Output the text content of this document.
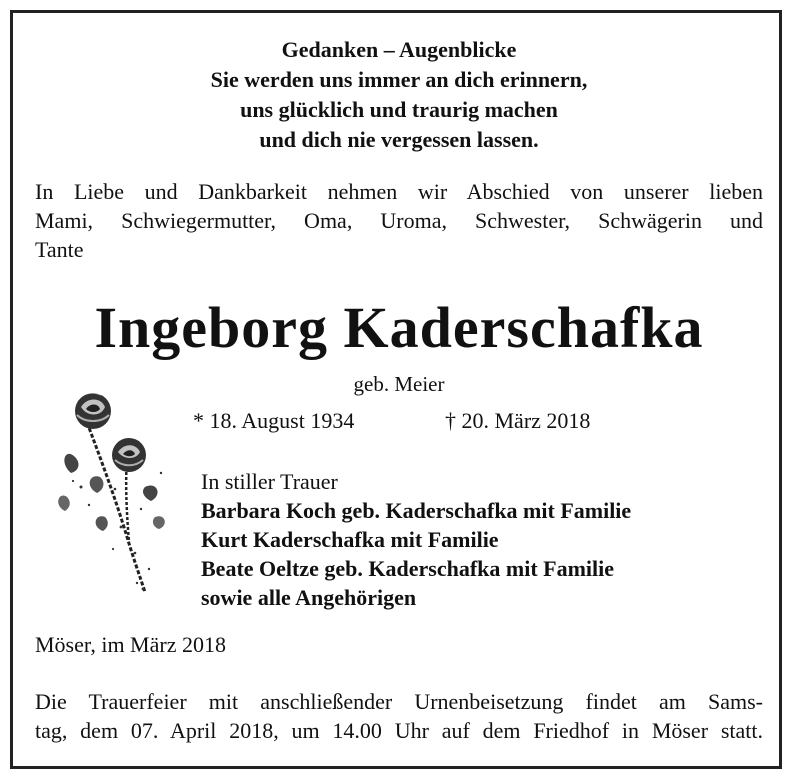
Gedanken – Augenblicke
Sie werden uns immer an dich erinnern,
uns glücklich und traurig machen
und dich nie vergessen lassen.
In Liebe und Dankbarkeit nehmen wir Abschied von unserer lieben
Mami, Schwiegermutter, Oma, Uroma, Schwester, Schwägerin und
Tante
Ingeborg Kaderschafka
geb. Meier
* 18. August 1934	† 20. März 2018
In stiller Trauer
Barbara Koch geb. Kaderschafka mit Familie
Kurt Kaderschafka mit Familie
Beate Oeltze geb. Kaderschafka mit Familie
sowie alle Angehörigen
Möser, im März 2018
Die Trauerfeier mit anschließender Urnenbeisetzung findet am Sams-
tag, dem 07. April 2018, um 14.00 Uhr auf dem Friedhof in Möser statt.
